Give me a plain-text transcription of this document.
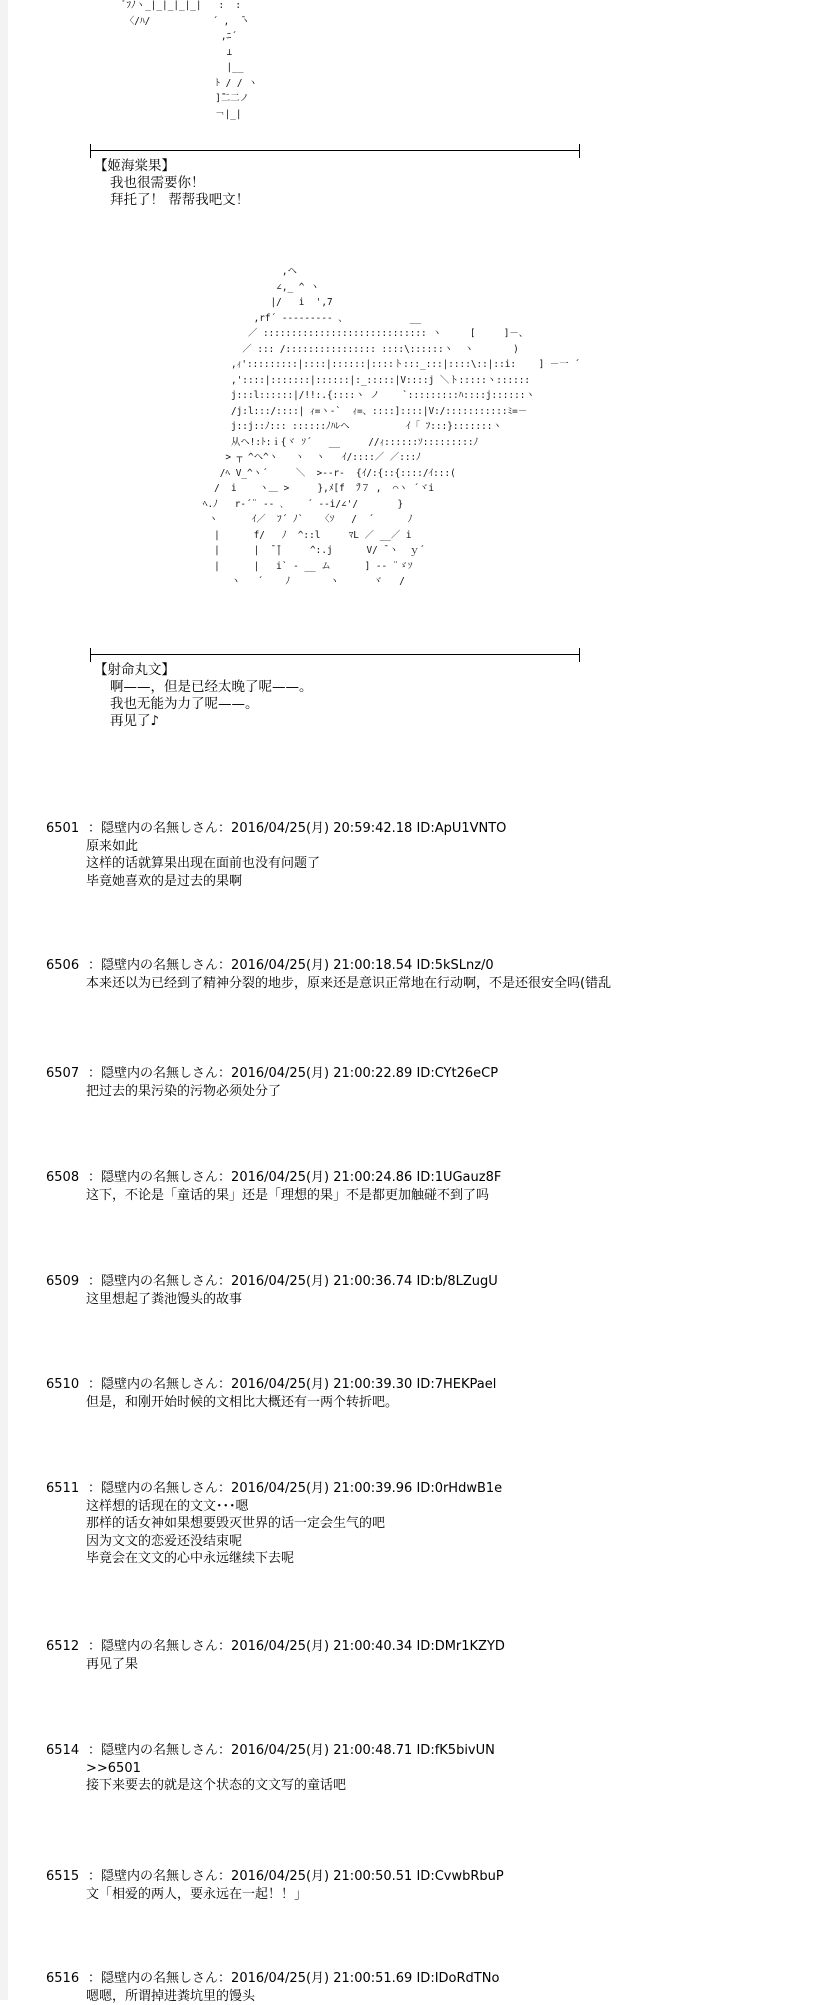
ﾞﾌﾉヽ_|_|_|_|_|   :  :
〈/ﾊ/           ´ ,  ̄ヽ
,ﾆ´
⊥
|__
ﾄ / / ヽ
]̄二二ノ
￢|_|
【姬海棠果】
我也很需要你！
拜托了！ 帮帮我吧文！
,ヘ
∠,_ ^ ヽ
|/   i  ',7
,rf´ ‐‐‐‐‐‐‐‐‐ 、           __
／ ::::::::::::::::::::::::::::: ヽ     [     ]－、
／ ::: /:::::::::::::::: ::::\::::::ヽ  ヽ       )
,ｨ':::::::::|::::|::::::|::::ト:::_:::|::::\::|::i:    ] －一 ´
,'::::|:::::::|::::::|:_:::::|V::::j ＼ト:::::ヽ::::::
j:::l::::::|/!!:.{::::ヽ ノ    `:::::::::ﾊ::::j::::::ヽ
/j:l:::/::::| ｨ=ヽ‐`  ｨ=、::::]::::|V:/:::::::::::ﾐ=－
j::j::ﾉ::: ::::::ﾉﾊﾚヘ          ｲ「 ﾌ:::}:::::::ヽ
从ヘ!:ﾄ:ｉ{ヾ ｿ´   __     //ｨ::::::ｿ:::::::::ﾉ
> ┬ ^ヘ^ヽ   ヽ  ヽ   ｲ/::::／ ／:::ﾉ
/ﾍ V_^ヽ´     ＼  >‐‐r‐  {ｲ/:{::{::::/ｲ:::(
/  i    ヽ＿ >     },ﾒ[f  ̄ﾌ７ ,  ⌒ヽ ´ヾi
ﾍ.ﾉ   r‐´¨ ‐- ､    ´ ‐-i/∠'/       }
ヽ      ｲ／  ﾌ´ ﾉ`   〈ｿ   /  ´      ﾉ
|      f/   ﾉ  ^::l     ﾏL ／ __／ i
|      |  ̄ ̄|     ^:.j      V/ ̄ ヽ  ｙ´
|      |   i` ‐ __ ム      ] ‐‐ ¨ゞｿ
ヽ   ´    ﾉ       ヽ      ヾ   /
【射命丸文】
啊——，但是已经太晚了呢——。
我也无能为力了呢——。
再见了♪
6501 ：隠壁内の名無しさん：2016/04/25(月) 20:59:42.18 ID:ApU1VNTO
原来如此
这样的话就算果出现在面前也没有问题了
毕竟她喜欢的是过去的果啊
6506 ：隠壁内の名無しさん：2016/04/25(月) 21:00:18.54 ID:5kSLnz/0
本来还以为已经到了精神分裂的地步，原来还是意识正常地在行动啊，不是还很安全吗(错乱
6507 ：隠壁内の名無しさん：2016/04/25(月) 21:00:22.89 ID:CYt26eCP
把过去的果污染的污物必须处分了
6508 ：隠壁内の名無しさん：2016/04/25(月) 21:00:24.86 ID:1UGauz8F
这下，不论是「童话的果」还是「理想的果」不是都更加触碰不到了吗
6509 ：隠壁内の名無しさん：2016/04/25(月) 21:00:36.74 ID:b/8LZugU
这里想起了粪池馒头的故事
6510 ：隠壁内の名無しさん：2016/04/25(月) 21:00:39.30 ID:7HEKPael
但是，和刚开始时候的文相比大概还有一两个转折吧。
6511 ：隠壁内の名無しさん：2016/04/25(月) 21:00:39.96 ID:0rHdwB1e
这样想的话现在的文文･･･嗯
那样的话女神如果想要毁灭世界的话一定会生气的吧
因为文文的恋爱还没结束呢
毕竟会在文文的心中永远继续下去呢
6512 ：隠壁内の名無しさん：2016/04/25(月) 21:00:40.34 ID:DMr1KZYD
再见了果
6514 ：隠壁内の名無しさん：2016/04/25(月) 21:00:48.71 ID:fK5bivUN
>>6501
接下来要去的就是这个状态的文文写的童话吧
6515 ：隠壁内の名無しさん：2016/04/25(月) 21:00:50.51 ID:CvwbRbuP
文「相爱的两人，要永远在一起！！」
6516 ：隠壁内の名無しさん：2016/04/25(月) 21:00:51.69 ID:IDoRdTNo
嗯嗯，所谓掉进粪坑里的馒头
